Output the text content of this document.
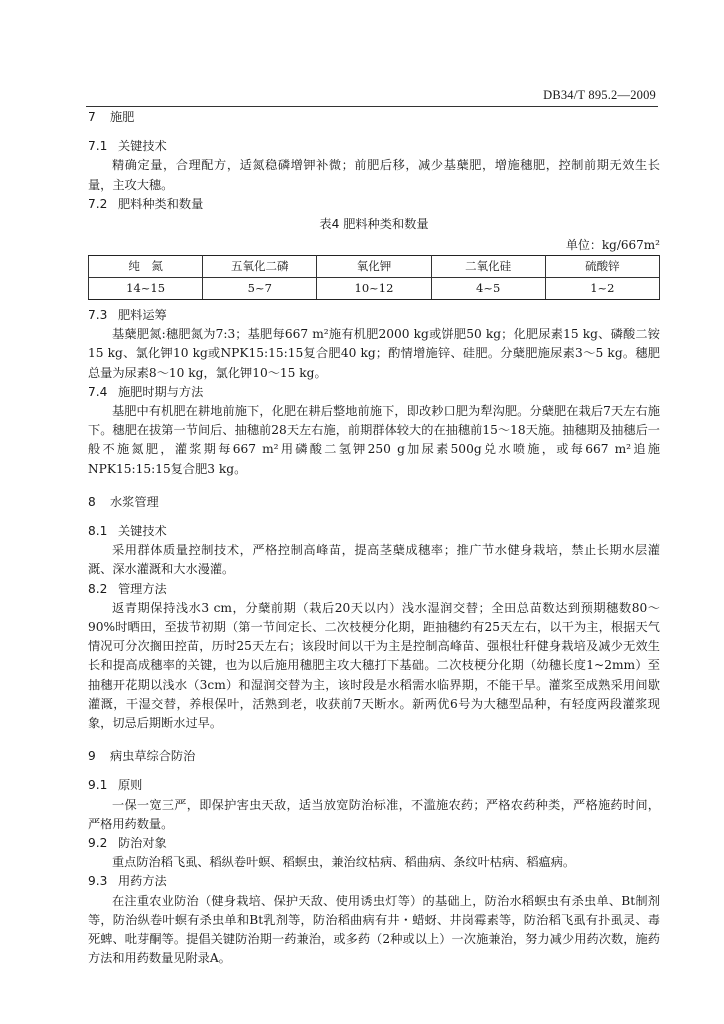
DB34/T 895.2—2009
7 施肥
7.1 关键技术

精确定量，合理配方，适氮稳磷增钾补微；前肥后移，减少基蘖肥，增施穗肥，控制前期无效生长量，主攻大穗。

7.2 肥料种类和数量
表4 肥料种类和数量
单位：kg/667m²
纯　氮	五氧化二磷	氧化钾	二氧化硅	硫酸锌
14~15	5~7	10~12	4~5	1~2
7.3 肥料运筹

基蘖肥氮:穗肥氮为7:3；基肥每667 m²施有机肥2000 kg或饼肥50 kg；化肥尿素15 kg、磷酸二铵15 kg、氯化钾10 kg或NPK15:15:15复合肥40 kg；酌情增施锌、硅肥。分蘖肥施尿素3～5 kg。穗肥总量为尿素8～10 kg，氯化钾10～15 kg。

7.4 施肥时期与方法

基肥中有机肥在耕地前施下，化肥在耕后整地前施下，即改耖口肥为犁沟肥。分蘖肥在栽后7天左右施下。穗肥在拔第一节间后、抽穗前28天左右施，前期群体较大的在抽穗前15～18天施。抽穗期及抽穗后一般不施氮肥，灌浆期每667 m²用磷酸二氢钾250 g加尿素500g兑水喷施，或每667 m²追施NPK15:15:15复合肥3 kg。

8 水浆管理
8.1 关键技术

采用群体质量控制技术，严格控制高峰苗，提高茎蘖成穗率；推广节水健身栽培，禁止长期水层灌溉、深水灌溉和大水漫灌。

8.2 管理方法

返青期保持浅水3 cm，分蘖前期（栽后20天以内）浅水湿润交替；全田总苗数达到预期穗数80～90%时晒田，至拔节初期（第一节间定长、二次枝梗分化期，距抽穗约有25天左右，以干为主，根据天气情况可分次搁田控苗，历时25天左右；该段时间以干为主是控制高峰苗、强根壮秆健身栽培及减少无效生长和提高成穗率的关键，也为以后施用穗肥主攻大穗打下基础。二次枝梗分化期（幼穗长度1~2mm）至抽穗开花期以浅水（3cm）和湿润交替为主，该时段是水稻需水临界期，不能干旱。灌浆至成熟采用间歇灌溉，干湿交替，养根保叶，活熟到老，收获前7天断水。新两优6号为大穗型品种，有轻度两段灌浆现象，切忌后期断水过早。

9 病虫草综合防治
9.1 原则

一保一宽三严，即保护害虫天敌，适当放宽防治标准，不滥施农药；严格农药种类，严格施药时间，严格用药数量。

9.2 防治对象

重点防治稻飞虱、稻纵卷叶螟、稻螟虫，兼治纹枯病、稻曲病、条纹叶枯病、稻瘟病。

9.3 用药方法

在注重农业防治（健身栽培、保护天敌、使用诱虫灯等）的基础上，防治水稻螟虫有杀虫单、Bt制剂等，防治纵卷叶螟有杀虫单和Bt乳剂等，防治稻曲病有井・蜡蚜、井岗霉素等，防治稻飞虱有扑虱灵、毒死蜱、吡芽酮等。提倡关键防治期一药兼治，或多药（2种或以上）一次施兼治，努力减少用药次数，施药方法和用药数量见附录A。
